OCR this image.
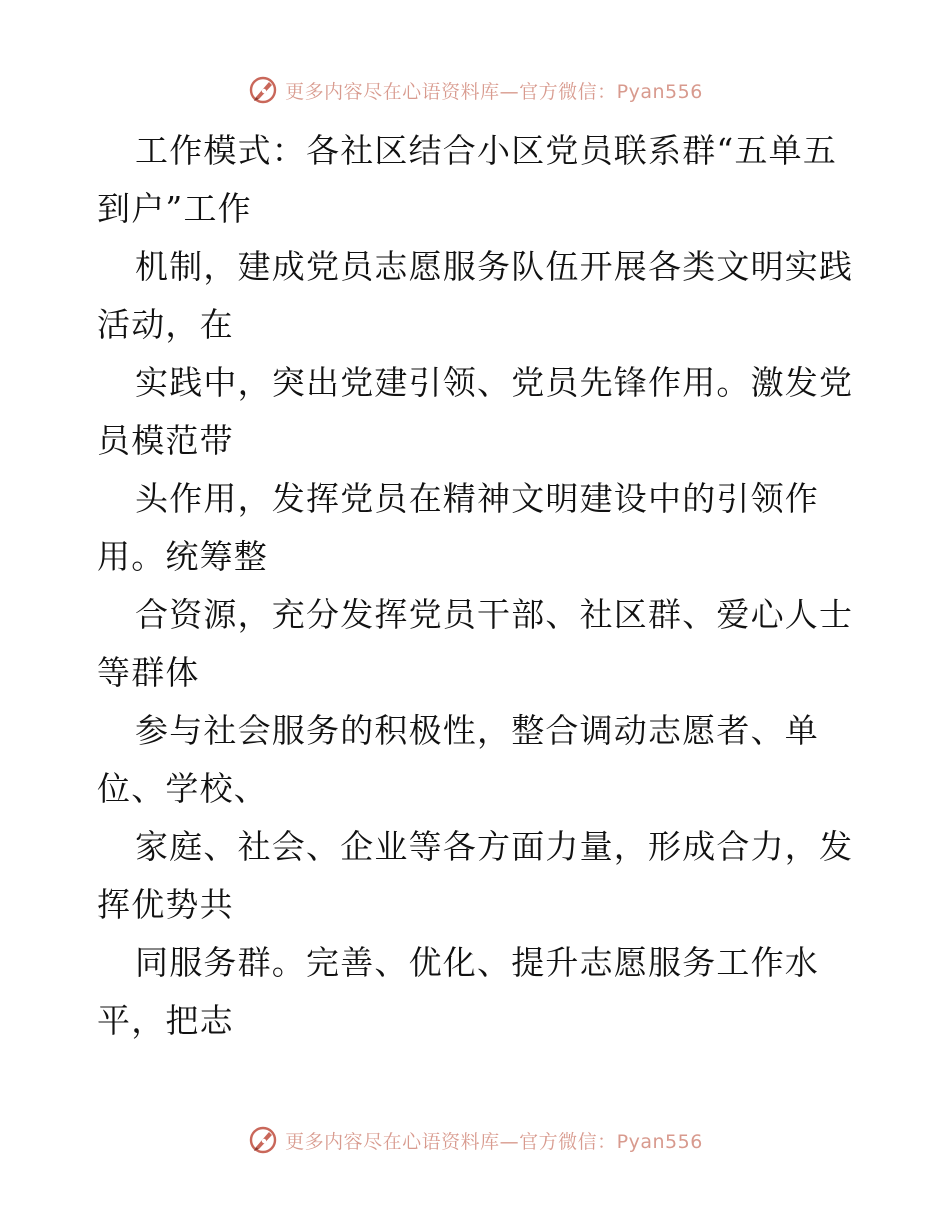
更多内容尽在心语资料库—官方微信：Pyan556

工作模式：各社区结合小区党员联系群“五单五
到户”工作

机制，建成党员志愿服务队伍开展各类文明实践
活动，在

实践中，突出党建引领、党员先锋作用。激发党
员模范带

头作用，发挥党员在精神文明建设中的引领作
用。统筹整

合资源，充分发挥党员干部、社区群、爱心人士
等群体

参与社会服务的积极性，整合调动志愿者、单
位、学校、

家庭、社会、企业等各方面力量，形成合力，发
挥优势共

同服务群。完善、优化、提升志愿服务工作水
平，把志

更多内容尽在心语资料库—官方微信：Pyan556
